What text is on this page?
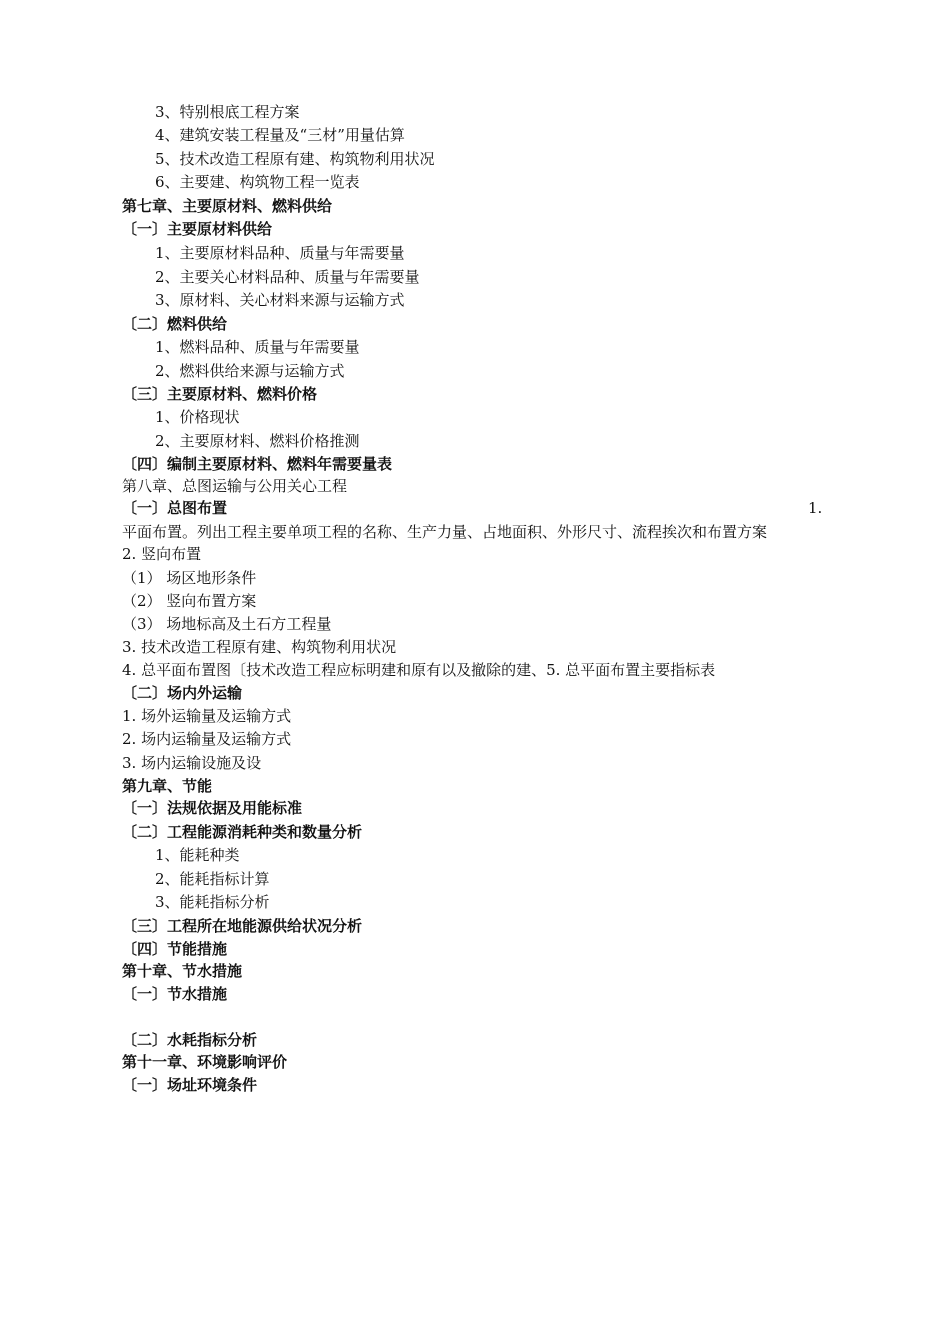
3、特别根底工程方案
4、建筑安装工程量及“三材”用量估算
5、技术改造工程原有建、构筑物利用状况
6、主要建、构筑物工程一览表
第七章、主要原材料、燃料供给
〔一〕主要原材料供给
1、主要原材料品种、质量与年需要量
2、主要关心材料品种、质量与年需要量
3、原材料、关心材料来源与运输方式
〔二〕燃料供给
1、燃料品种、质量与年需要量
2、燃料供给来源与运输方式
〔三〕主要原材料、燃料价格
1、价格现状
2、主要原材料、燃料价格推测
〔四〕编制主要原材料、燃料年需要量表
第八章、总图运输与公用关心工程
〔一〕总图布置	1.
平面布置。列出工程主要单项工程的名称、生产力量、占地面积、外形尺寸、流程挨次和布置方案
2. 竖向布置
（1） 场区地形条件
（2） 竖向布置方案
（3） 场地标高及土石方工程量
3. 技术改造工程原有建、构筑物利用状况
4. 总平面布置图〔技术改造工程应标明建和原有以及撤除的建、5. 总平面布置主要指标表
〔二〕场内外运输
1. 场外运输量及运输方式
2. 场内运输量及运输方式
3. 场内运输设施及设
第九章、节能
〔一〕法规依据及用能标准
〔二〕工程能源消耗种类和数量分析
1、能耗种类
2、能耗指标计算
3、能耗指标分析
〔三〕工程所在地能源供给状况分析
〔四〕节能措施
第十章、节水措施
〔一〕节水措施
〔二〕水耗指标分析
第十一章、环境影响评价
〔一〕场址环境条件
